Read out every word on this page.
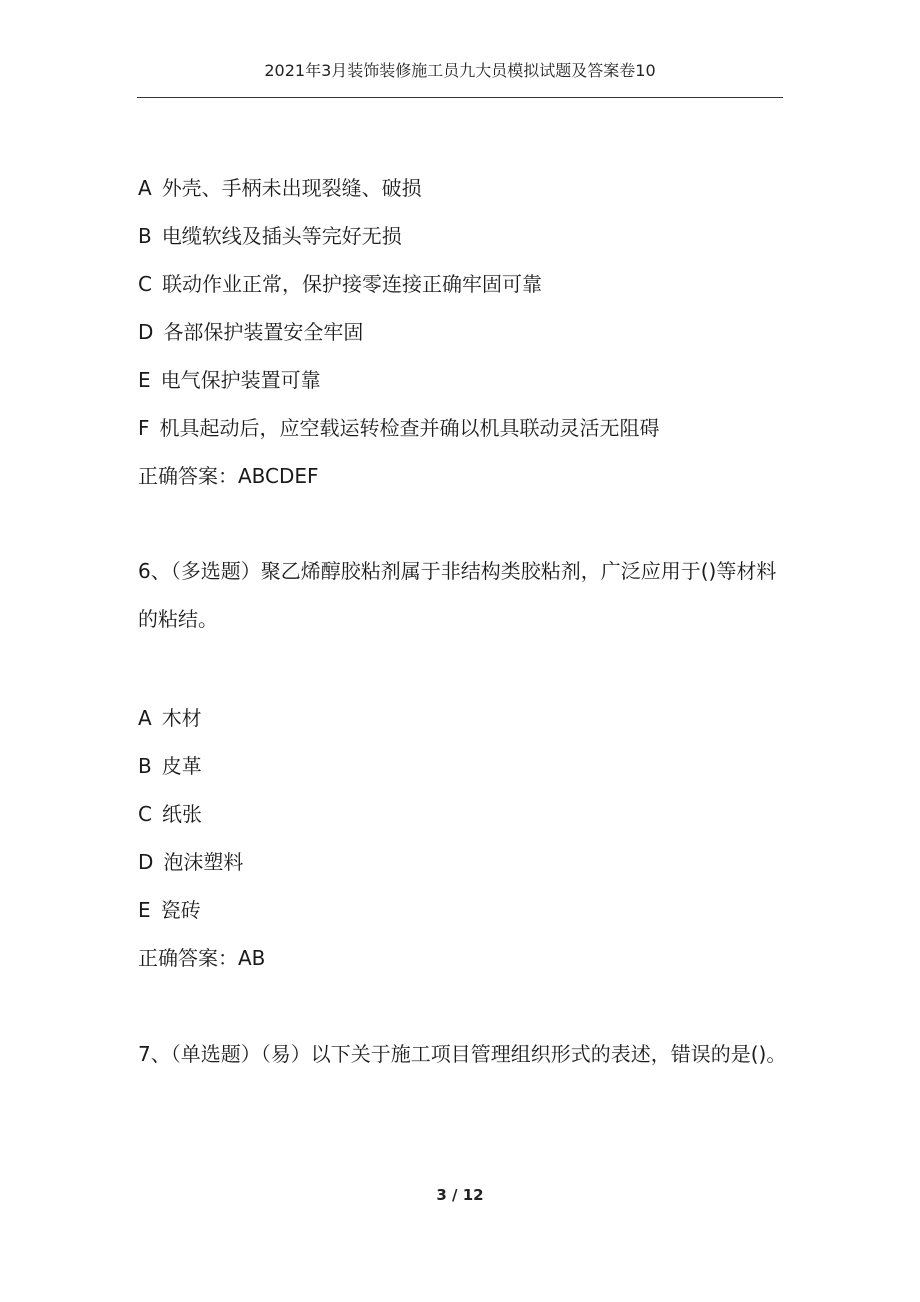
2021年3月装饰装修施工员九大员模拟试题及答案卷10
A 外壳、手柄未出现裂缝、破损
B 电缆软线及插头等完好无损
C 联动作业正常，保护接零连接正确牢固可靠
D 各部保护装置安全牢固
E 电气保护装置可靠
F 机具起动后，应空载运转检查并确以机具联动灵活无阻碍
正确答案：ABCDEF
6、（多选题）聚乙烯醇胶粘剂属于非结构类胶粘剂，广泛应用于()等材料的粘结。
A 木材
B 皮革
C 纸张
D 泡沫塑料
E 瓷砖
正确答案：AB
7、（单选题）（易）以下关于施工项目管理组织形式的表述，错误的是()。
3 / 12
